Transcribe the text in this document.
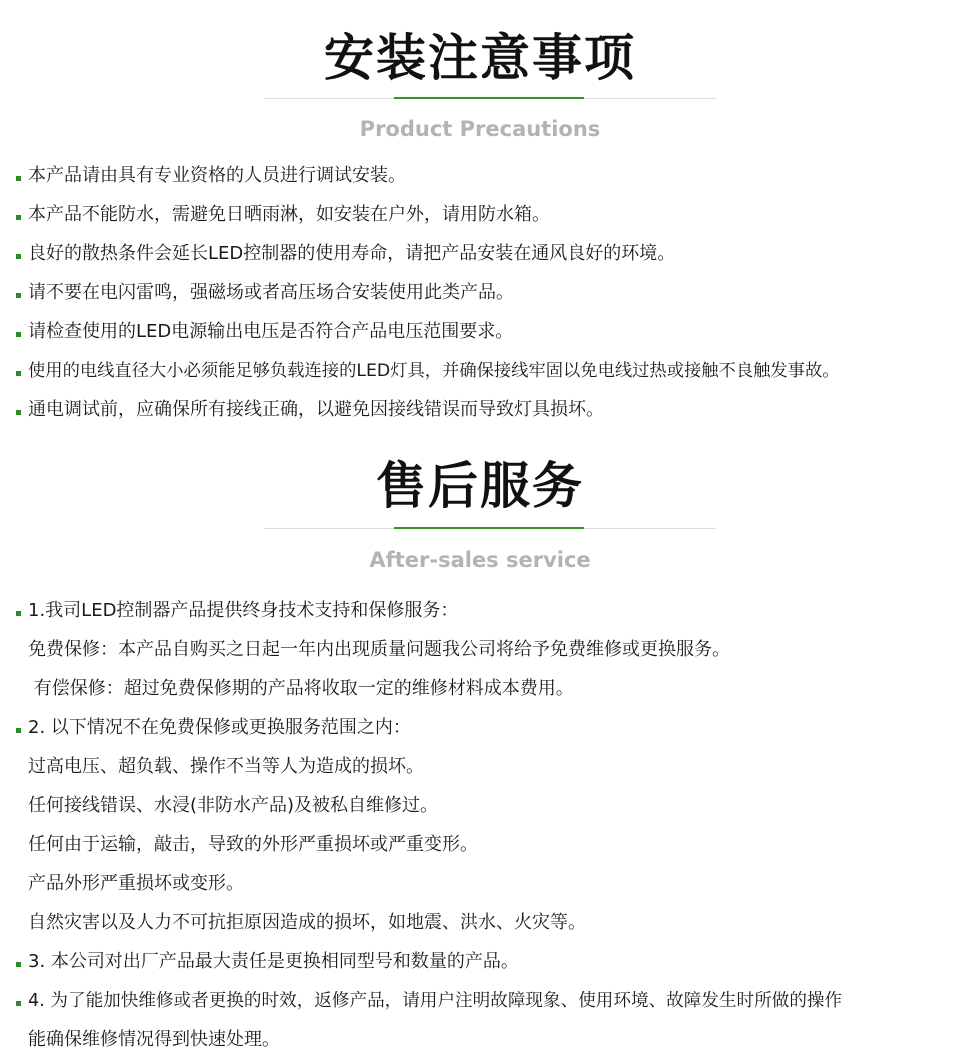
安装注意事项
Product Precautions
本产品请由具有专业资格的人员进行调试安装。
本产品不能防水，需避免日晒雨淋，如安装在户外，请用防水箱。
良好的散热条件会延长LED控制器的使用寿命，请把产品安装在通风良好的环境。
请不要在电闪雷鸣，强磁场或者高压场合安装使用此类产品。
请检查使用的LED电源输出电压是否符合产品电压范围要求。
使用的电线直径大小必须能足够负载连接的LED灯具，并确保接线牢固以免电线过热或接触不良触发事故。
通电调试前，应确保所有接线正确，以避免因接线错误而导致灯具损坏。
售后服务
After-sales service
1.我司LED控制器产品提供终身技术支持和保修服务：
免费保修：本产品自购买之日起一年内出现质量问题我公司将给予免费维修或更换服务。
有偿保修：超过免费保修期的产品将收取一定的维修材料成本费用。
2. 以下情况不在免费保修或更换服务范围之内：
过高电压、超负载、操作不当等人为造成的损坏。
任何接线错误、水浸(非防水产品)及被私自维修过。
任何由于运输，敲击，导致的外形严重损坏或严重变形。
产品外形严重损坏或变形。
自然灾害以及人力不可抗拒原因造成的损坏，如地震、洪水、火灾等。
3. 本公司对出厂产品最大责任是更换相同型号和数量的产品。
4. 为了能加快维修或者更换的时效，返修产品，请用户注明故障现象、使用环境、故障发生时所做的操作
能确保维修情况得到快速处理。
